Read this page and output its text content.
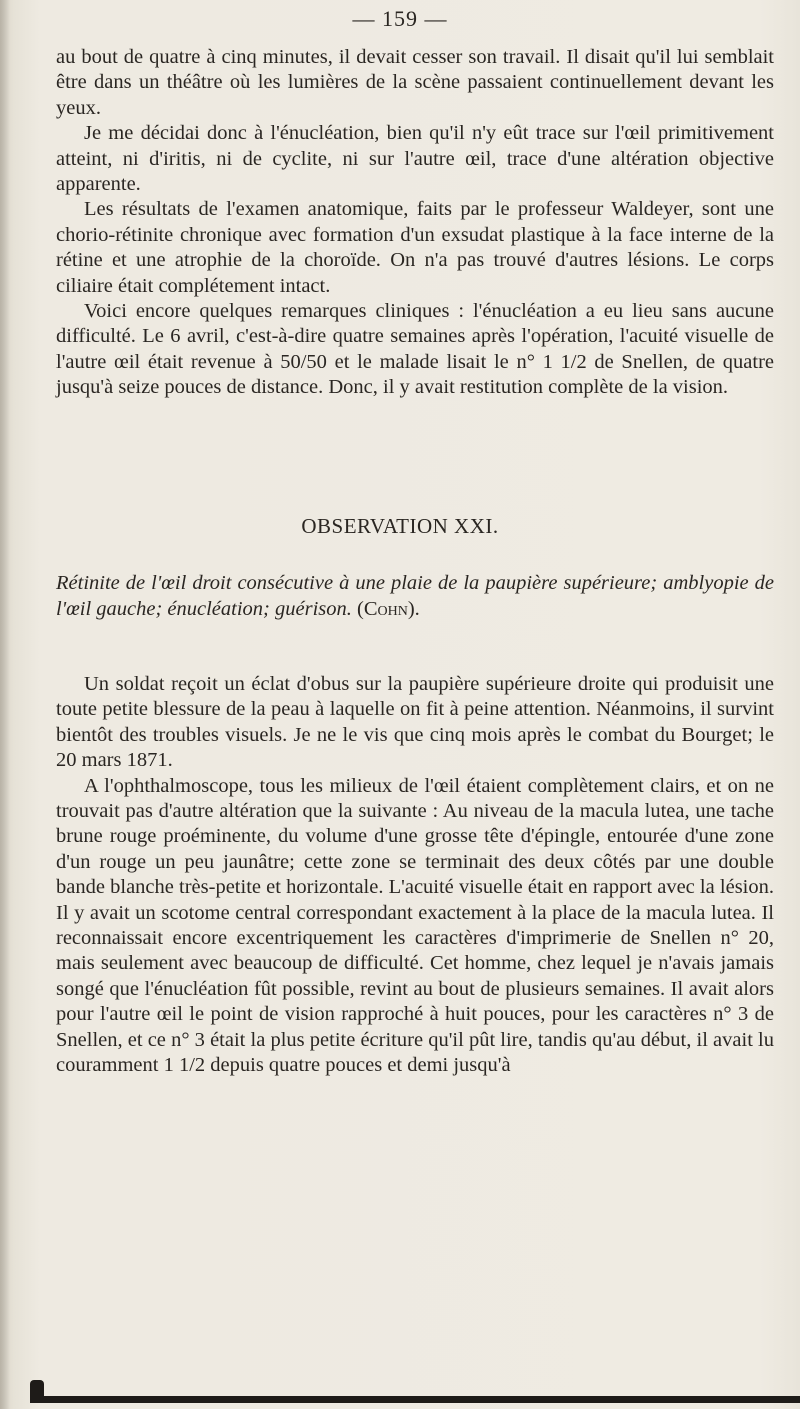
— 159 —

au bout de quatre à cinq minutes, il devait cesser son travail. Il disait qu'il lui semblait être dans un théâtre où les lumières de la scène passaient continuellement devant les yeux.

Je me décidai donc à l'énucléation, bien qu'il n'y eût trace sur l'œil primitivement atteint, ni d'iritis, ni de cyclite, ni sur l'autre œil, trace d'une altération objective apparente.

Les résultats de l'examen anatomique, faits par le professeur Waldeyer, sont une chorio-rétinite chronique avec formation d'un exsudat plastique à la face interne de la rétine et une atrophie de la choroïde. On n'a pas trouvé d'autres lésions. Le corps ciliaire était complétement intact.

Voici encore quelques remarques cliniques : l'énucléation a eu lieu sans aucune difficulté. Le 6 avril, c'est-à-dire quatre semaines après l'opération, l'acuité visuelle de l'autre œil était revenue à 50/50 et le malade lisait le n° 1 1/2 de Snellen, de quatre jusqu'à seize pouces de distance. Donc, il y avait restitution complète de la vision.

OBSERVATION XXI.
Rétinite de l'œil droit consécutive à une plaie de la paupière supérieure; amblyopie de l'œil gauche; énucléation; guérison. (Cohn).

Un soldat reçoit un éclat d'obus sur la paupière supérieure droite qui produisit une toute petite blessure de la peau à laquelle on fit à peine attention. Néanmoins, il survint bientôt des troubles visuels. Je ne le vis que cinq mois après le combat du Bourget; le 20 mars 1871.

A l'ophthalmoscope, tous les milieux de l'œil étaient complètement clairs, et on ne trouvait pas d'autre altération que la suivante : Au niveau de la macula lutea, une tache brune rouge proéminente, du volume d'une grosse tête d'épingle, entourée d'une zone d'un rouge un peu jaunâtre; cette zone se terminait des deux côtés par une double bande blanche très-petite et horizontale. L'acuité visuelle était en rapport avec la lésion. Il y avait un scotome central correspondant exactement à la place de la macula lutea. Il reconnaissait encore excentriquement les caractères d'imprimerie de Snellen n° 20, mais seulement avec beaucoup de difficulté. Cet homme, chez lequel je n'avais jamais songé que l'énucléation fût possible, revint au bout de plusieurs semaines. Il avait alors pour l'autre œil le point de vision rapproché à huit pouces, pour les caractères n° 3 de Snellen, et ce n° 3 était la plus petite écriture qu'il pût lire, tandis qu'au début, il avait lu couramment 1 1/2 depuis quatre pouces et demi jusqu'à
